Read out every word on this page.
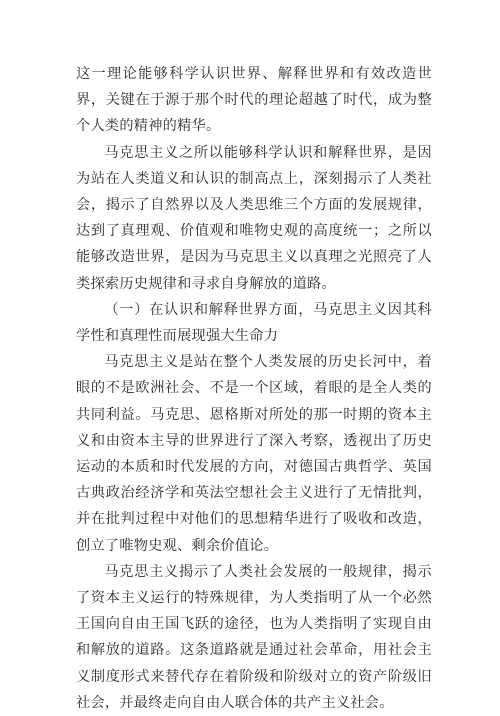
这一理论能够科学认识世界、解释世界和有效改造世界，关键在于源于那个时代的理论超越了时代，成为整个人类的精神的精华。

马克思主义之所以能够科学认识和解释世界，是因为站在人类道义和认识的制高点上，深刻揭示了人类社会，揭示了自然界以及人类思维三个方面的发展规律，达到了真理观、价值观和唯物史观的高度统一；之所以能够改造世界，是因为马克思主义以真理之光照亮了人类探索历史规律和寻求自身解放的道路。

（一）在认识和解释世界方面，马克思主义因其科学性和真理性而展现强大生命力

马克思主义是站在整个人类发展的历史长河中，着眼的不是欧洲社会、不是一个区域，着眼的是全人类的共同利益。马克思、恩格斯对所处的那一时期的资本主义和由资本主导的世界进行了深入考察，透视出了历史运动的本质和时代发展的方向，对德国古典哲学、英国古典政治经济学和英法空想社会主义进行了无情批判，并在批判过程中对他们的思想精华进行了吸收和改造，创立了唯物史观、剩余价值论。

马克思主义揭示了人类社会发展的一般规律，揭示了资本主义运行的特殊规律，为人类指明了从一个必然王国向自由王国飞跃的途径，也为人类指明了实现自由和解放的道路。这条道路就是通过社会革命，用社会主义制度形式来替代存在着阶级和阶级对立的资产阶级旧社会，并最终走向自由人联合体的共产主义社会。
